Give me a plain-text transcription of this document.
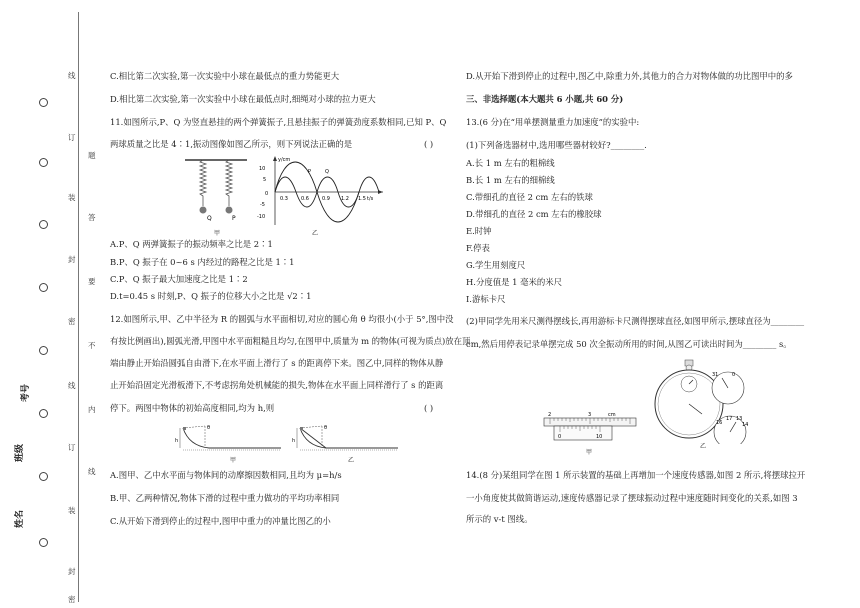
线
订
装
封
密
线
订
装
封
密
题
答
要
不
内
线
班级
姓名
考号
C.相比第二次实验,第一次实验中小球在最低点的重力势能更大
D.相比第二次实验,第一次实验中小球在最低点时,细绳对小球的拉力更大
11.如图所示,P、Q 为竖直悬挂的两个弹簧振子,且悬挂振子的弹簧劲度系数相同,已知 P、Q
两球质量之比是 4∶1,振动图像如图乙所示，则下列说法正确的是	( )
Q	P
甲
y/cm
t/s
10
5
0
-5
-10
0.3	0.6	0.9 1.2 1.5
P	Q
乙
A.P、Q 两弹簧振子的振动频率之比是 2∶1
B.P、Q 振子在 0~6 s 内经过的路程之比是 1∶1
C.P、Q 振子最大加速度之比是 1∶2
D.t=0.45 s 时刻,P、Q 振子的位移大小之比是 √2∶1
12.如图所示,甲、乙中半径为 R 的圆弧与水平面相切,对应的圆心角 θ 均很小(小于 5°,图中没
有按比例画出),圆弧光滑,甲图中水平面粗糙且均匀,在图甲中,质量为 m 的物体(可视为质点)放在顶
端由静止开始沿圆弧自由滑下,在水平面上滑行了 s 的距离停下来。图乙中,同样的物体从静
止开始沿固定光滑板滑下,不考虑拐角处机械能的损失,物体在水平面上同样滑行了 s 的距离
停下。两图中物体的初始高度相同,均为 h,则	( )
h
θ
甲
h
θ
乙
A.图甲、乙中水平面与物体间的动摩擦因数相同,且均为 μ=h/s
B.甲、乙两种情况,物体下滑的过程中重力做功的平均功率相同
C.从开始下滑到停止的过程中,图甲中重力的冲量比图乙的小
D.从开始下滑到停止的过程中,图乙中,除重力外,其他力的合力对物体做的功比图甲中的多
三、非选择题(本大题共 6 小题,共 60 分)
13.(6 分)在“用单摆测量重力加速度”的实验中:
(1)下列备选器材中,选用哪些器材较好?________.
A.长 1 m 左右的粗棉线
B.长 1 m 左右的细棉线
C.带细孔的直径 2 cm 左右的铁球
D.带细孔的直径 2 cm 左右的橡胶球
E.时钟
F.停表
G.学生用刻度尺
H.分度值是 1 毫米的米尺
I.游标卡尺
(2)甲同学先用米尺测得摆线长,再用游标卡尺测得摆球直径,如图甲所示,摆球直径为________
cm,然后用停表记录单摆完成 50 次全振动所用的时间,从图乙可读出时间为________ s。
2	3	cm
0	10
甲
31	0
16
17 13
14
乙
14.(8 分)某组同学在图 1 所示装置的基础上再增加一个速度传感器,如图 2 所示,将摆球拉开
一小角度使其做简谐运动,速度传感器记录了摆球振动过程中速度随时间变化的关系,如图 3
所示的 v-t 图线。
